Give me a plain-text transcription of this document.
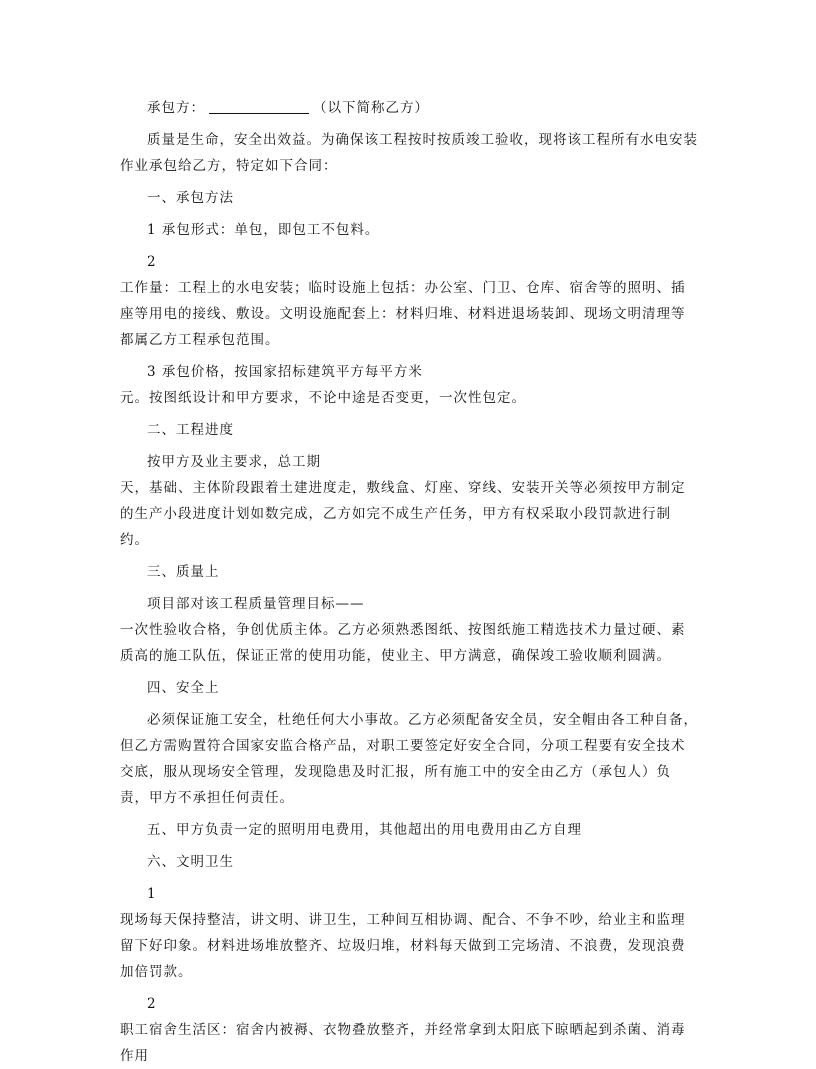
承包方：	（以下简称乙方）

质量是生命，安全出效益。为确保该工程按时按质竣工验收，现将该工程所有水电安装作业承包给乙方，特定如下合同：

一、承包方法

1 承包形式：单包，即包工不包料。

2

工作量：工程上的水电安装；临时设施上包括：办公室、门卫、仓库、宿舍等的照明、插座等用电的接线、敷设。文明设施配套上：材料归堆、材料进退场装卸、现场文明清理等都属乙方工程承包范围。

3 承包价格，按国家招标建筑平方每平方米

元。按图纸设计和甲方要求，不论中途是否变更，一次性包定。

二、工程进度

按甲方及业主要求，总工期

天，基础、主体阶段跟着土建进度走，敷线盒、灯座、穿线、安装开关等必须按甲方制定的生产小段进度计划如数完成，乙方如完不成生产任务，甲方有权采取小段罚款进行制约。

三、质量上

项目部对该工程质量管理目标——

一次性验收合格，争创优质主体。乙方必须熟悉图纸、按图纸施工精选技术力量过硬、素质高的施工队伍，保证正常的使用功能，使业主、甲方满意，确保竣工验收顺利圆满。

四、安全上

必须保证施工安全，杜绝任何大小事故。乙方必须配备安全员，安全帽由各工种自备，但乙方需购置符合国家安监合格产品，对职工要签定好安全合同，分项工程要有安全技术交底，服从现场安全管理，发现隐患及时汇报，所有施工中的安全由乙方（承包人）负责，甲方不承担任何责任。

五、甲方负责一定的照明用电费用，其他超出的用电费用由乙方自理

六、文明卫生

1

现场每天保持整洁，讲文明、讲卫生，工种间互相协调、配合、不争不吵，给业主和监理留下好印象。材料进场堆放整齐、垃圾归堆，材料每天做到工完场清、不浪费，发现浪费加倍罚款。

2

职工宿舍生活区：宿舍内被褥、衣物叠放整齐，并经常拿到太阳底下晾晒起到杀菌、消毒作用
